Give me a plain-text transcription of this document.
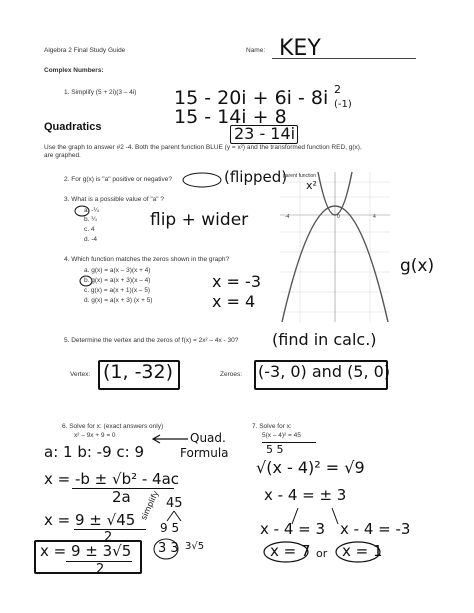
Algebra 2 Final Study Guide	Name: KEY
Complex Numbers:
1. Simplify (5 + 2i)(3 – 4i) 15 - 20i + 6i - 8i 2
(-1)
15 - 14i + 8
23 - 14i
Quadratics
Use the graph to answer #2 -4. Both the parent function BLUE (y = x²) and the transformed function RED, g(x),
are graphed.
2. For g(x) is "a" positive or negative?	(flipped)
3. What is a possible value of "a" ?
a. -¼
b. ¼
c. 4
d. -4
flip + wider
parent function
x²
-4	0	4
g(x)
4. Which function matches the zeros shown in the graph?
a. g(x) = a(x – 3)(x + 4)
b. g(x) = a(x + 3)(x – 4)
c. g(x) = a(x + 1)(x – 5)
d. g(x) = a(x + 3) (x + 5)
x = -3
x = 4
5. Determine the vertex and the zeros of f(x) = 2x² – 4x - 30? (find in calc.)
Vertex: (1, -32)	Zeroes: (-3, 0) and (5, 0)
6. Solve for x: (exact answers only)
x² – 9x + 9 = 0	Quad.
Formula
a: 1 b: -9 c: 9
x = -b ± √b² - 4ac
2a
x = 9 ± √45
2
simplify 45
9 5
3 3 3√5
x = 9 ± 3√5
2
7. Solve for x:
5(x – 4)² = 45
5 5
√(x - 4)² = √9
x - 4 = ± 3
x - 4 = 3 x - 4 = -3
x = 7 or x = 1
